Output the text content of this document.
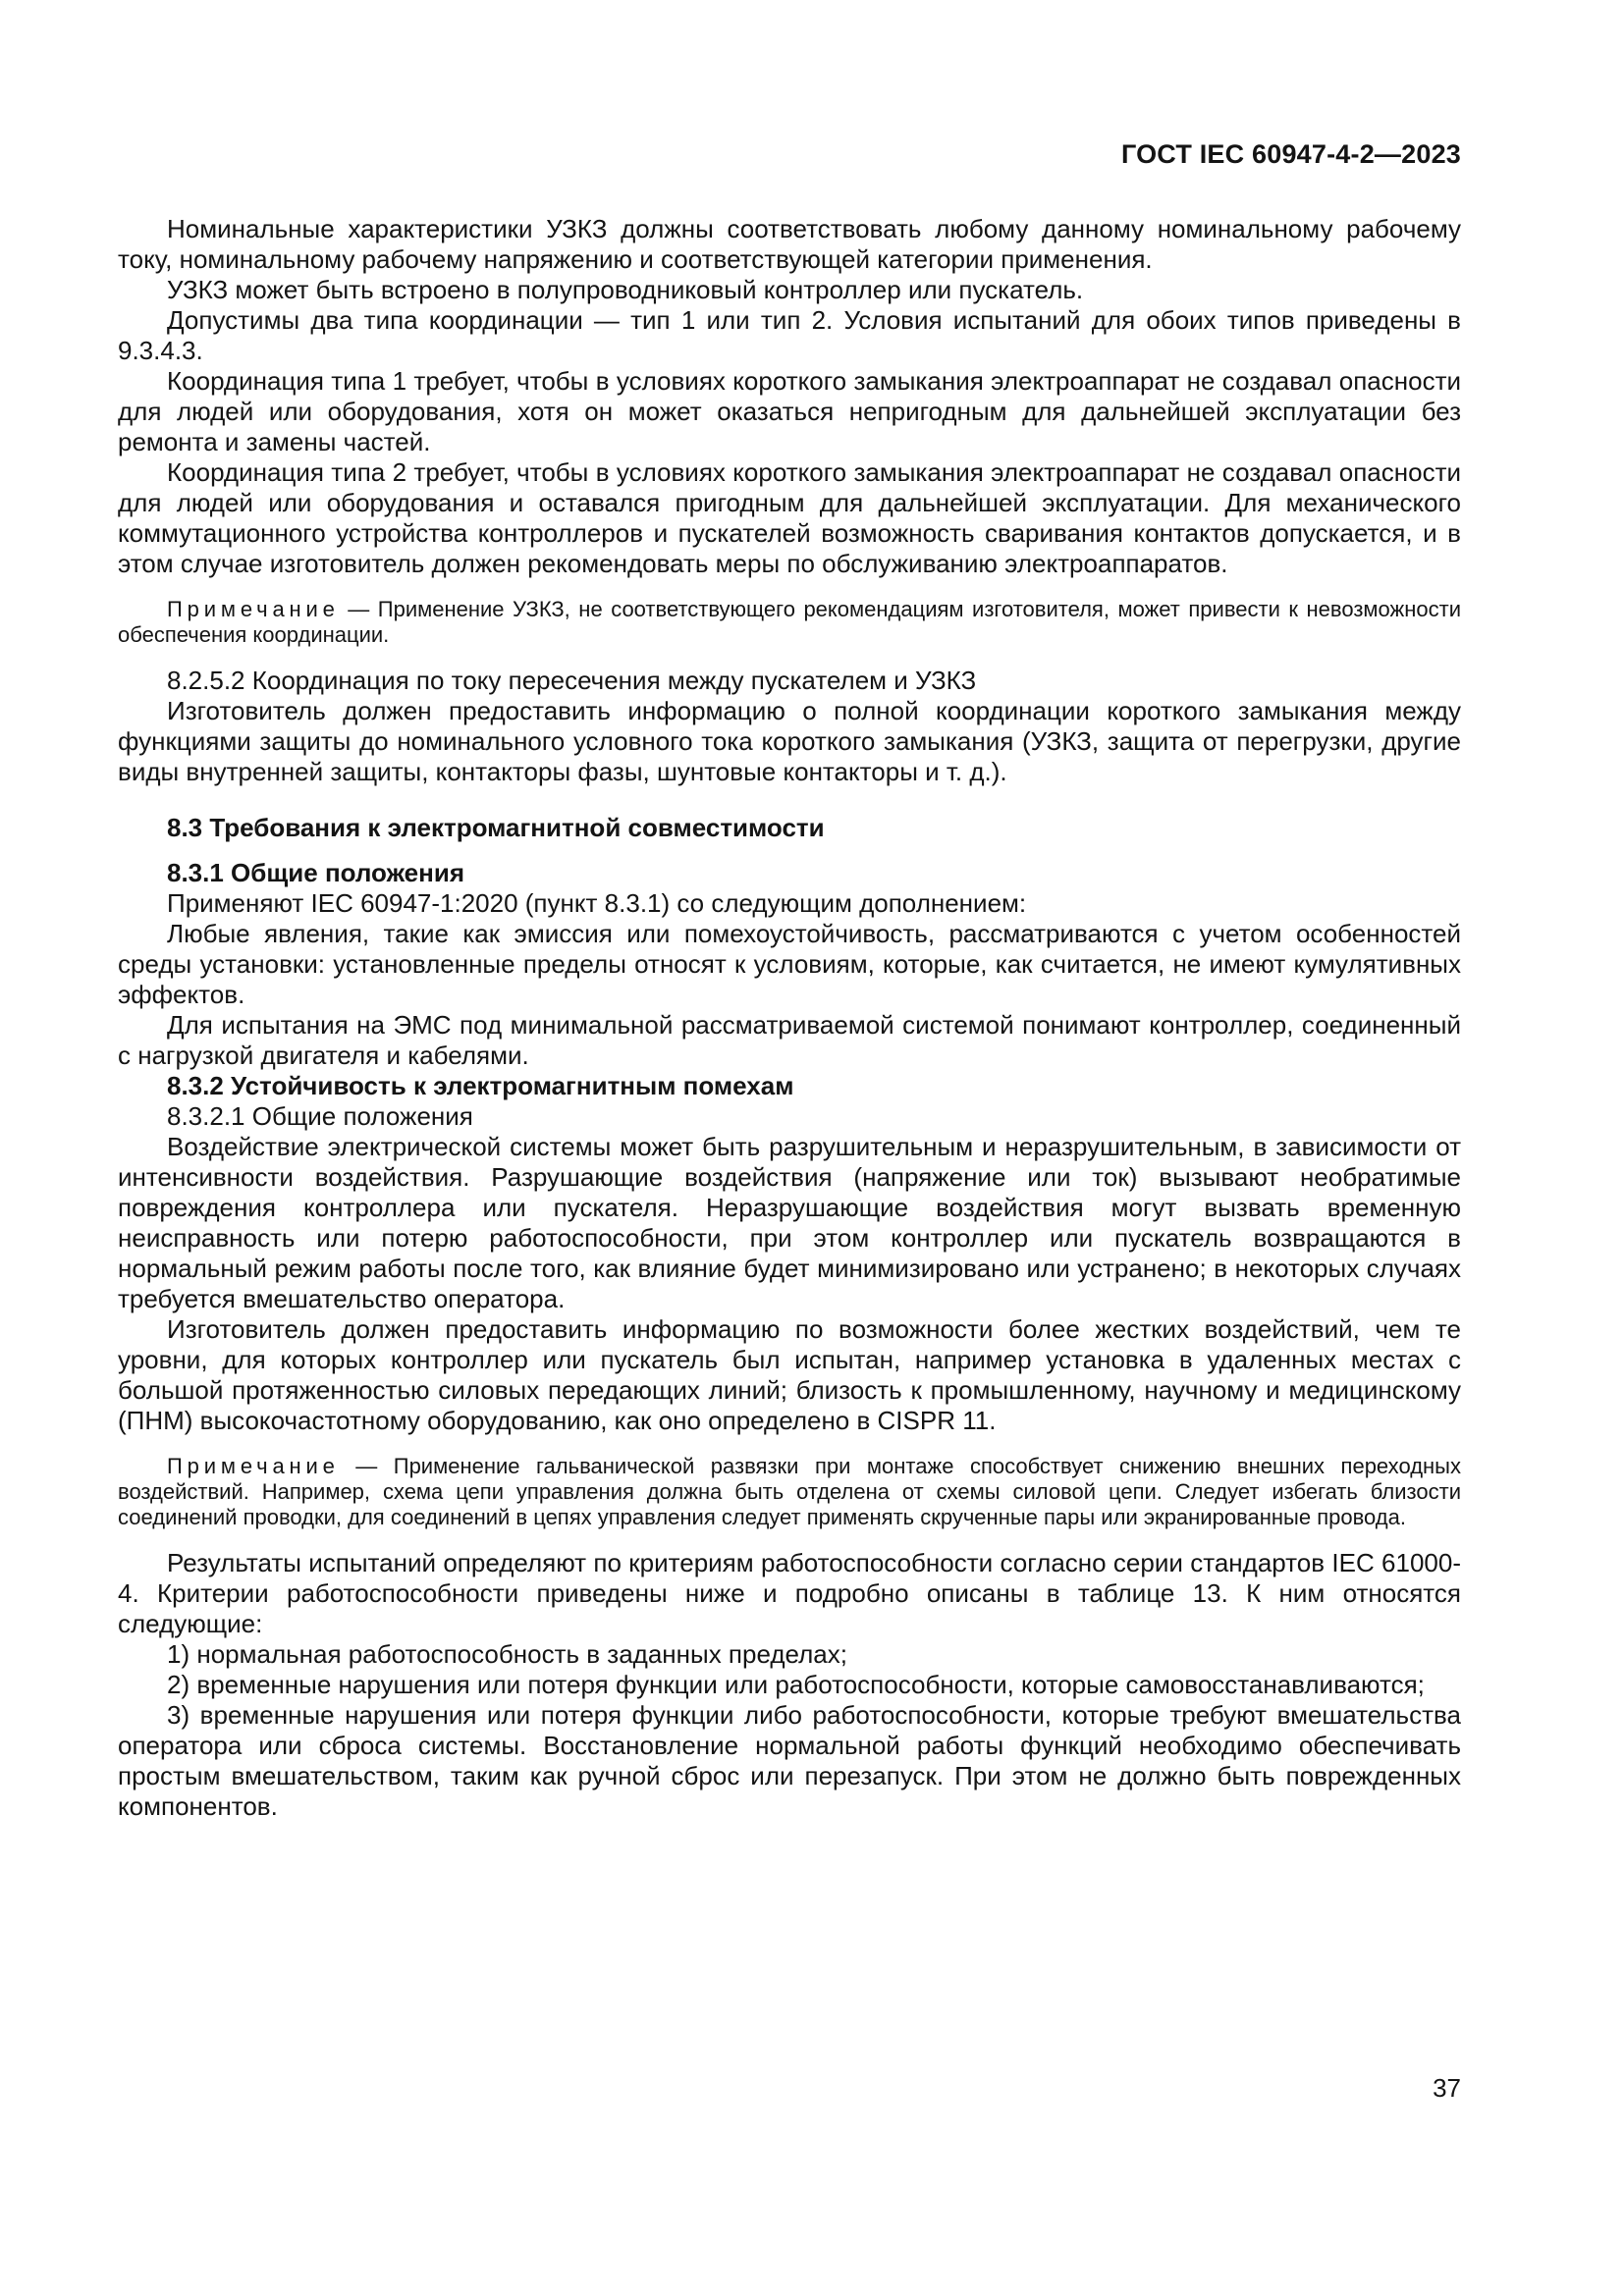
ГОСТ IEC 60947-4-2—2023

Номинальные характеристики УЗКЗ должны соответствовать любому данному номинальному рабочему току, номинальному рабочему напряжению и соответствующей категории применения.

УЗКЗ может быть встроено в полупроводниковый контроллер или пускатель.

Допустимы два типа координации — тип 1 или тип 2. Условия испытаний для обоих типов приведены в 9.3.4.3.

Координация типа 1 требует, чтобы в условиях короткого замыкания электроаппарат не создавал опасности для людей или оборудования, хотя он может оказаться непригодным для дальнейшей эксплуатации без ремонта и замены частей.

Координация типа 2 требует, чтобы в условиях короткого замыкания электроаппарат не создавал опасности для людей или оборудования и оставался пригодным для дальнейшей эксплуатации. Для механического коммутационного устройства контроллеров и пускателей возможность сваривания контактов допускается, и в этом случае изготовитель должен рекомендовать меры по обслуживанию электроаппаратов.

Примечание — Применение УЗКЗ, не соответствующего рекомендациям изготовителя, может привести к невозможности обеспечения координации.

8.2.5.2 Координация по току пересечения между пускателем и УЗКЗ

Изготовитель должен предоставить информацию о полной координации короткого замыкания между функциями защиты до номинального условного тока короткого замыкания (УЗКЗ, защита от перегрузки, другие виды внутренней защиты, контакторы фазы, шунтовые контакторы и т. д.).

8.3 Требования к электромагнитной совместимости

8.3.1 Общие положения

Применяют IEC 60947-1:2020 (пункт 8.3.1) со следующим дополнением:

Любые явления, такие как эмиссия или помехоустойчивость, рассматриваются с учетом особенностей среды установки: установленные пределы относят к условиям, которые, как считается, не имеют кумулятивных эффектов.

Для испытания на ЭМС под минимальной рассматриваемой системой понимают контроллер, соединенный с нагрузкой двигателя и кабелями.

8.3.2 Устойчивость к электромагнитным помехам

8.3.2.1 Общие положения

Воздействие электрической системы может быть разрушительным и неразрушительным, в зависимости от интенсивности воздействия. Разрушающие воздействия (напряжение или ток) вызывают необратимые повреждения контроллера или пускателя. Неразрушающие воздействия могут вызвать временную неисправность или потерю работоспособности, при этом контроллер или пускатель возвращаются в нормальный режим работы после того, как влияние будет минимизировано или устранено; в некоторых случаях требуется вмешательство оператора.

Изготовитель должен предоставить информацию по возможности более жестких воздействий, чем те уровни, для которых контроллер или пускатель был испытан, например установка в удаленных местах с большой протяженностью силовых передающих линий; близость к промышленному, научному и медицинскому (ПНМ) высокочастотному оборудованию, как оно определено в CISPR 11.

Примечание — Применение гальванической развязки при монтаже способствует снижению внешних переходных воздействий. Например, схема цепи управления должна быть отделена от схемы силовой цепи. Следует избегать близости соединений проводки, для соединений в цепях управления следует применять скрученные пары или экранированные провода.

Результаты испытаний определяют по критериям работоспособности согласно серии стандартов IEC 61000-4. Критерии работоспособности приведены ниже и подробно описаны в таблице 13. К ним относятся следующие:

1) нормальная работоспособность в заданных пределах;

2) временные нарушения или потеря функции или работоспособности, которые самовосстанавливаются;

3) временные нарушения или потеря функции либо работоспособности, которые требуют вмешательства оператора или сброса системы. Восстановление нормальной работы функций необходимо обеспечивать простым вмешательством, таким как ручной сброс или перезапуск. При этом не должно быть поврежденных компонентов.

37
